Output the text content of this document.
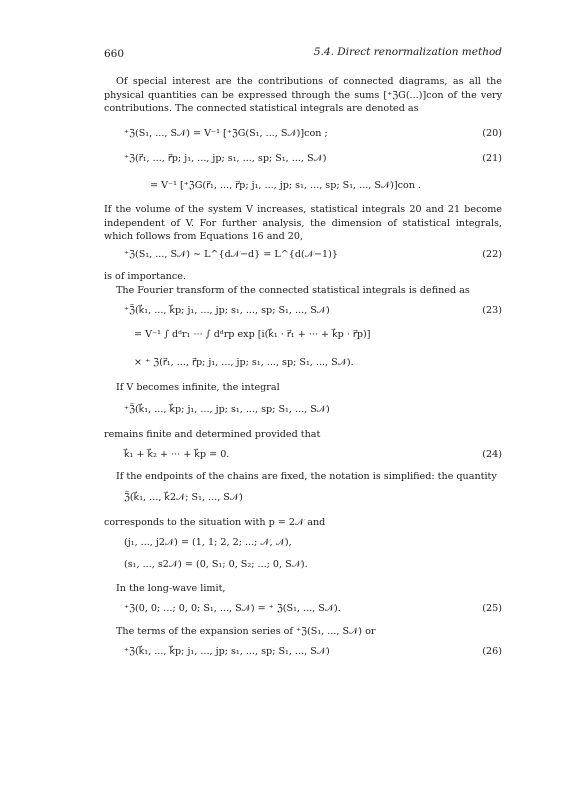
660	5.4. Direct renormalization method
Of special interest are the contributions of connected diagrams, as all the physical quantities can be expressed through the sums [⁺ℨG(...)]con of the very contributions. The connected statistical integrals are denoted as
⁺ℨ(S₁, ..., S𝒩) = V⁻¹ [⁺ℨG(S₁, ..., S𝒩)]con ;	(20)
⁺ℨ(r⃗₁, ..., r⃗p; j₁, ..., jp; s₁, ..., sp; S₁, ..., S𝒩)	(21)
= V⁻¹ [⁺ℨG(r⃗₁, ..., r⃗p; j₁, ..., jp; s₁, ..., sp; S₁, ..., S𝒩)]con .
If the volume of the system V increases, statistical integrals 20 and 21 become independent of V. For further analysis, the dimension of statistical integrals, which follows from Equations 16 and 20,
⁺ℨ(S₁, ..., S𝒩) ∼ L^{d𝒩−d} = L^{d(𝒩−1)}	(22)
is of importance.
The Fourier transform of the connected statistical integrals is defined as
⁺ℨ̃(k⃗₁, ..., k⃗p; j₁, ..., jp; s₁, ..., sp; S₁, ..., S𝒩)	(23)
= V⁻¹ ∫ dᵈr₁ ··· ∫ dᵈrp exp [i(k⃗₁ · r⃗₁ + ··· + k⃗p · r⃗p)]
× ⁺ ℨ(r⃗₁, ..., r⃗p; j₁, ..., jp; s₁, ..., sp; S₁, ..., S𝒩).
If V becomes infinite, the integral
⁺ℨ̃(k⃗₁, ..., k⃗p; j₁, ..., jp; s₁, ..., sp; S₁, ..., S𝒩)
remains finite and determined provided that
k⃗₁ + k⃗₂ + ··· + k⃗p = 0.	(24)
If the endpoints of the chains are fixed, the notation is simplified: the quantity
ℨ̃(k⃗₁, ..., k⃗2𝒩; S₁, ..., S𝒩)
corresponds to the situation with p = 2𝒩 and
(j₁, ..., j2𝒩) = (1, 1; 2, 2; ...; 𝒩, 𝒩),
(s₁, ..., s2𝒩) = (0, S₁; 0, S₂; ...; 0, S𝒩).
In the long-wave limit,
⁺ℨ(0, 0; ...; 0, 0; S₁, ..., S𝒩) = ⁺ ℨ(S₁, ..., S𝒩).	(25)
The terms of the expansion series of ⁺ℨ(S₁, ..., S𝒩) or
⁺ℨ(k⃗₁, ..., k⃗p; j₁, ..., jp; s₁, ..., sp; S₁, ..., S𝒩)	(26)
